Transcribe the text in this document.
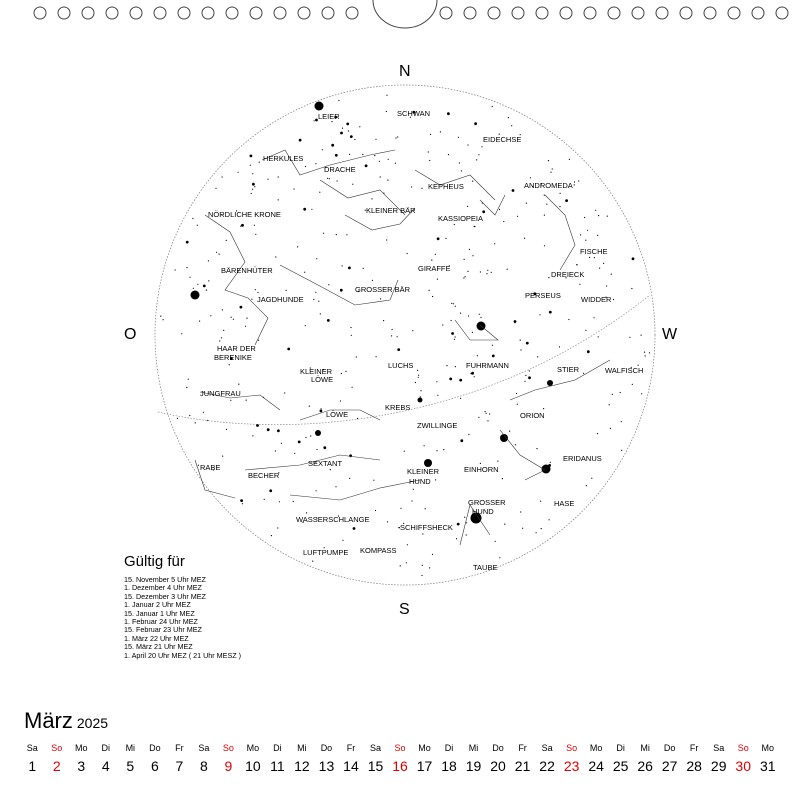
LEIER	SCHWAN
EIDECHSE
HERKULES
DRACHE
KEPHEUS	ANDROMEDA
NÖRDLICHE KRONE	KLEINER BÄR
KASSIOPEIA
FISCHE
BÄRENHÜTER	GIRAFFE
DREIECK
GROSSER BÄR
PERSEUS	WIDDER
JAGDHUNDE
HAAR DER
BERENIKE
LUCHS	FUHRMANN	STIER	WALFISCH
KLEINER
LÖWE
JUNGFRAU
LÖWE
KREBS
ORION
ZWILLINGE
ERIDANUS
RABE	SEXTANT
KLEINER
HUND
EINHORN
BECHER
HASE
GROSSER
HUND
WASSERSCHLANGE
SCHIFFSHECK
LUFTPUMPE KOMPASS
TAUBE
N
S
O	W
Gültig für
15. November 5 Uhr MEZ
1. Dezember 4 Uhr MEZ
15. Dezember 3 Uhr MEZ
1. Januar 2 Uhr MEZ
15. Januar 1 Uhr MEZ
1. Februar 24 Uhr MEZ
15. Februar 23 Uhr MEZ
1. März 22 Uhr MEZ
15. März 21 Uhr MEZ
1. April 20 Uhr MEZ ( 21 Uhr MESZ )
März 2025
Sa
1
So
2
Mo
3
Di
4
Mi
5
Do
6
Fr
7
Sa
8
So
9
Mo
10
Di
11
Mi
12
Do
13
Fr
14
Sa
15
So
16
Mo
17
Di
18
Mi
19
Do
20
Fr
21
Sa
22
So
23
Mo
24
Di
25
Mi
26
Do
27
Fr
28
Sa
29
So
30
Mo
31
